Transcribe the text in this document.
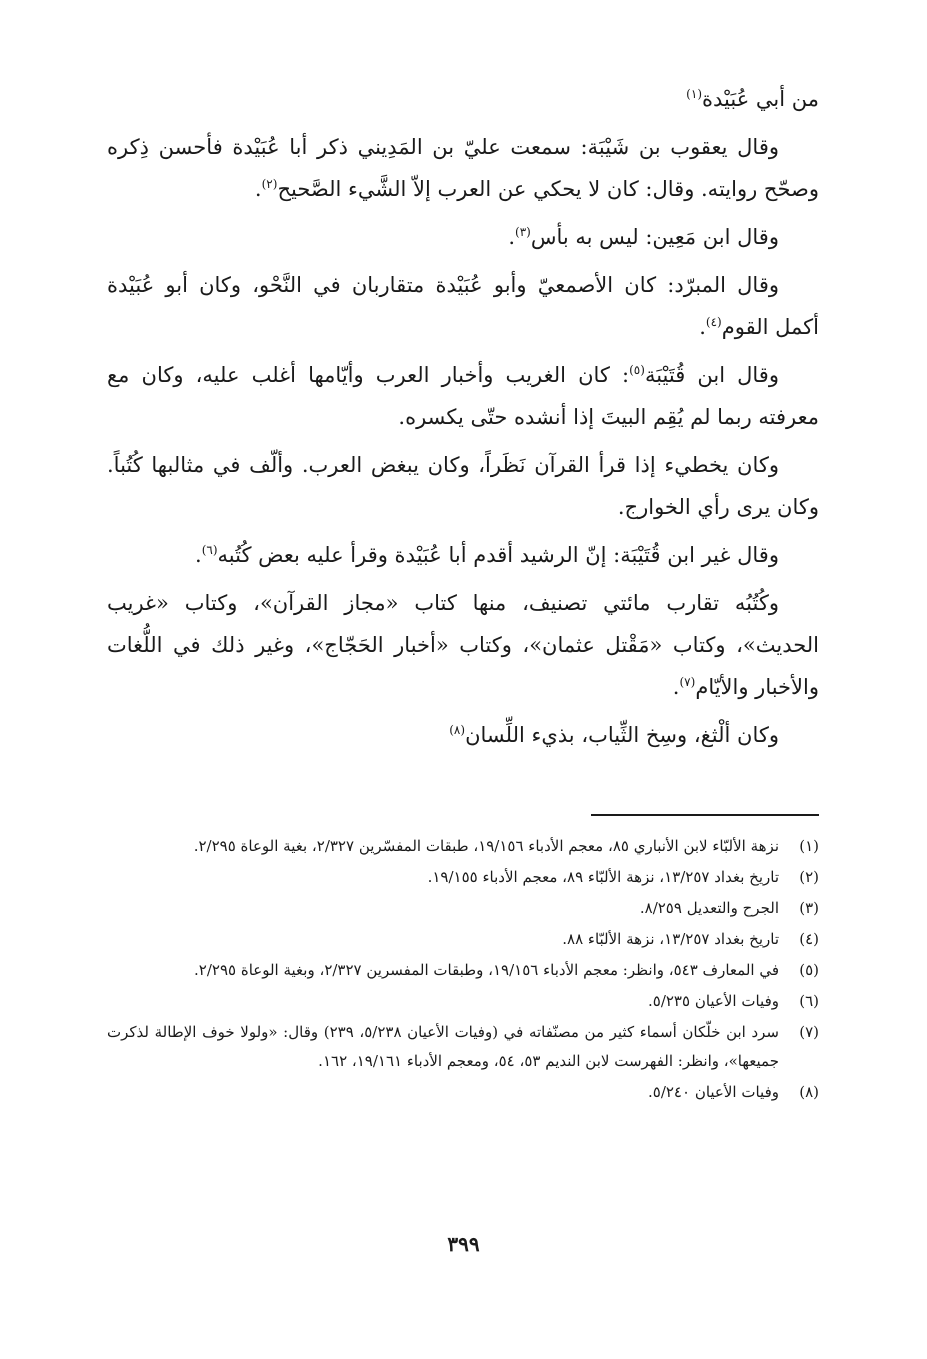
من أبي عُبَيْدة$^{(١)}$

وقال يعقوب بن شَيْبَة: سمعت عليّ بن المَدِيني ذكر أبا عُبَيْدة فأحسن ذِكره وصحّح روايته. وقال: كان لا يحكي عن العرب إلاّ الشَّيء الصَّحيح$^{(٢)}$.

وقال ابن مَعِين: ليس به بأس$^{(٣)}$.

وقال المبرّد: كان الأصمعيّ وأبو عُبَيْدة متقاربان في النَّحْو، وكان أبو عُبَيْدة أكمل القوم$^{(٤)}$.

وقال ابن قُتَيْبَة$^{(٥)}$: كان الغريب وأخبار العرب وأيّامها أغلب عليه، وكان مع معرفته ربما لم يُقِم البيتَ إذا أنشده حتّى يكسره.

وكان يخطيء إذا قرأ القرآن نَظَراً، وكان يبغض العرب. وألّف في مثالبها كُتُباً. وكان يرى رأي الخوارج.

وقال غير ابن قُتَيْبَة: إنّ الرشيد أقدم أبا عُبَيْدة وقرأ عليه بعض كُتُبه$^{(٦)}$.

وكُتُبُه تقارب مائتي تصنيف، منها كتاب «مجاز القرآن»، وكتاب «غريب الحديث»، وكتاب «مَقْتل عثمان»، وكتاب «أخبار الحَجّاج»، وغير ذلك في اللُّغات والأخبار والأيّام$^{(٧)}$.

وكان ألْثغ، وسِخ الثِّياب، بذيء اللِّسان$^{(٨)}$

(١)
نزهة الألبّاء لابن الأنباري ٨٥، معجم الأدباء ١٩/١٥٦، طبقات المفسّرين ٢/٣٢٧، بغية الوعاة ٢/٢٩٥.
(٢)
تاريخ بغداد ١٣/٢٥٧، نزهة الألبّاء ٨٩، معجم الأدباء ١٩/١٥٥.
(٣)
الجرح والتعديل ٨/٢٥٩.
(٤)
تاريخ بغداد ١٣/٢٥٧، نزهة الألبّاء ٨٨.
(٥)
في المعارف ٥٤٣، وانظر: معجم الأدباء ١٩/١٥٦، وطبقات المفسرين ٢/٣٢٧، وبغية الوعاة ٢/٢٩٥.
(٦)
وفيات الأعيان ٥/٢٣٥.
(٧)
سرد ابن خلّكان أسماء كثير من مصنّفاته في (وفيات الأعيان ٥/٢٣٨، ٢٣٩) وقال: «ولولا خوف الإطالة لذكرت جميعها»، وانظر: الفهرست لابن النديم ٥٣، ٥٤، ومعجم الأدباء ١٩/١٦١، ١٦٢.
(٨)
وفيات الأعيان ٥/٢٤٠.
٣٩٩
